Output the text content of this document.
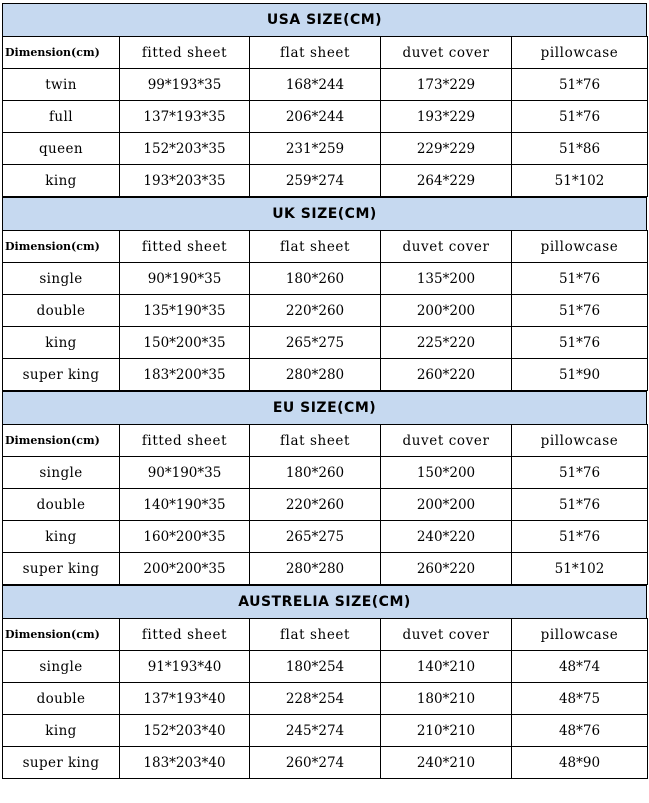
USA SIZE(CM)
Dimension(cm)	fitted sheet	flat sheet	duvet cover	pillowcase
twin	99*193*35	168*244	173*229	51*76
full	137*193*35	206*244	193*229	51*76
queen	152*203*35	231*259	229*229	51*86
king	193*203*35	259*274	264*229	51*102
UK SIZE(CM)
Dimension(cm)	fitted sheet	flat sheet	duvet cover	pillowcase
single	90*190*35	180*260	135*200	51*76
double	135*190*35	220*260	200*200	51*76
king	150*200*35	265*275	225*220	51*76
super king	183*200*35	280*280	260*220	51*90
EU SIZE(CM)
Dimension(cm)	fitted sheet	flat sheet	duvet cover	pillowcase
single	90*190*35	180*260	150*200	51*76
double	140*190*35	220*260	200*200	51*76
king	160*200*35	265*275	240*220	51*76
super king	200*200*35	280*280	260*220	51*102
AUSTRELIA SIZE(CM)
Dimension(cm)	fitted sheet	flat sheet	duvet cover	pillowcase
single	91*193*40	180*254	140*210	48*74
double	137*193*40	228*254	180*210	48*75
king	152*203*40	245*274	210*210	48*76
super king	183*203*40	260*274	240*210	48*90
